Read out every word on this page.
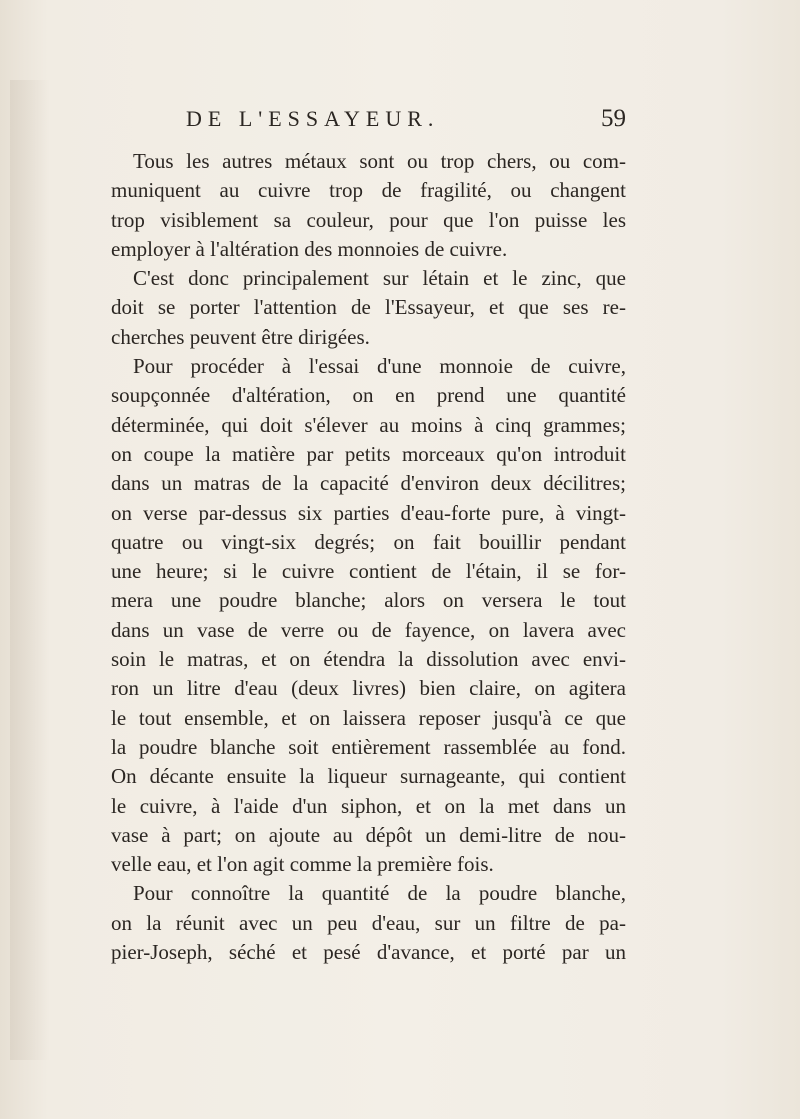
DE L'ESSAYEUR.	59
Tous les autres métaux sont ou trop chers, ou com-
muniquent au cuivre trop de fragilité, ou changent
trop visiblement sa couleur, pour que l'on puisse les
employer à l'altération des monnoies de cuivre.
C'est donc principalement sur létain et le zinc, que
doit se porter l'attention de l'Essayeur, et que ses re-
cherches peuvent être dirigées.
Pour procéder à l'essai d'une monnoie de cuivre,
soupçonnée d'altération, on en prend une quantité
déterminée, qui doit s'élever au moins à cinq grammes;
on coupe la matière par petits morceaux qu'on introduit
dans un matras de la capacité d'environ deux décilitres;
on verse par-dessus six parties d'eau-forte pure, à vingt-
quatre ou vingt-six degrés; on fait bouillir pendant
une heure; si le cuivre contient de l'étain, il se for-
mera une poudre blanche; alors on versera le tout
dans un vase de verre ou de fayence, on lavera avec
soin le matras, et on étendra la dissolution avec envi-
ron un litre d'eau (deux livres) bien claire, on agitera
le tout ensemble, et on laissera reposer jusqu'à ce que
la poudre blanche soit entièrement rassemblée au fond.
On décante ensuite la liqueur surnageante, qui contient
le cuivre, à l'aide d'un siphon, et on la met dans un
vase à part; on ajoute au dépôt un demi-litre de nou-
velle eau, et l'on agit comme la première fois.
Pour connoître la quantité de la poudre blanche,
on la réunit avec un peu d'eau, sur un filtre de pa-
pier-Joseph, séché et pesé d'avance, et porté par un
